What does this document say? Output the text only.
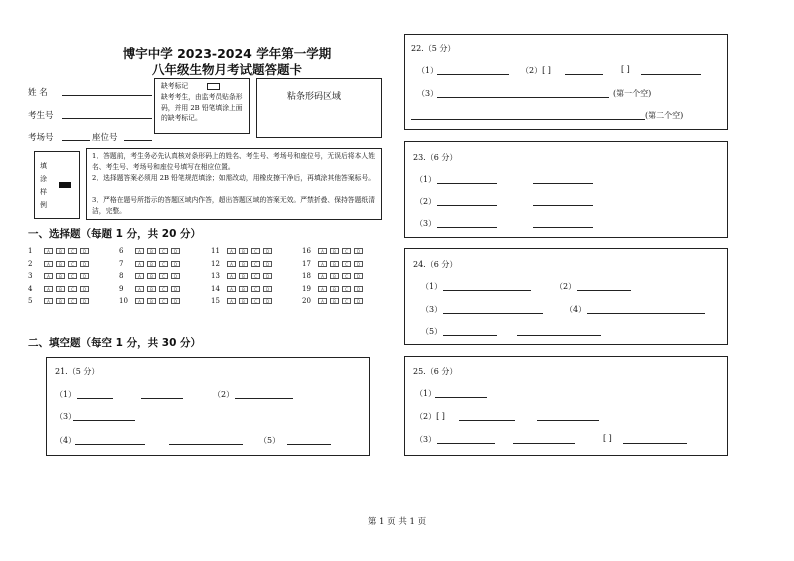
博宇中学 2023-2024 学年第一学期
八年级生物月考试题答题卡
姓 名
考生号
考场号	座位号
缺考标记
缺考考生，由监考员贴条形码，并用 2B 铅笔填涂上面的缺考标记。
粘条形码区域
填涂样例
1．答题前，考生务必先认真核对条形码上的姓名、考生号、考场号和座位号，无误后将本人姓名、考生号、考场号和座位号填写在相应位置。
2．选择题答案必须用 2B 铅笔规范填涂；如需改动，用橡皮擦干净后，再填涂其他答案标号。
3．严格在题号所指示的答题区域内作答，超出答题区域的答案无效。严禁折叠、保持答题纸清洁，完整。
一、选择题（每题 1 分，共 20 分）
1	A	B	C	D
2	A	B	C	D
3	A	B	C	D
4	A	B	C	D
5	A	B	C	D
6	A	B	C	D
7	A	B	C	D
8	A	B	C	D
9	A	B	C	D
10	A	B	C	D
11	A	B	C	D
12	A	B	C	D
13	A	B	C	D
14	A	B	C	D
15	A	B	C	D
16	A	B	C	D
17	A	B	C	D
18	A	B	C	D
19	A	B	C	D
20	A	B	C	D
二、填空题（每空 1 分，共 30 分）
21.（5 分）
（1）	（2）
（3）
（4）	（5）
22.（5 分）
（1）	（2）[ ]	[ ]
（3）	(第一个空)
(第二个空)
23.（6 分）
（1）
（2）
（3）
24.（6 分）
（1）	（2）
（3）	（4）
（5）
25.（6 分）
（1）
（2）[ ]
（3）	[ ]
第 1 页 共 1 页
